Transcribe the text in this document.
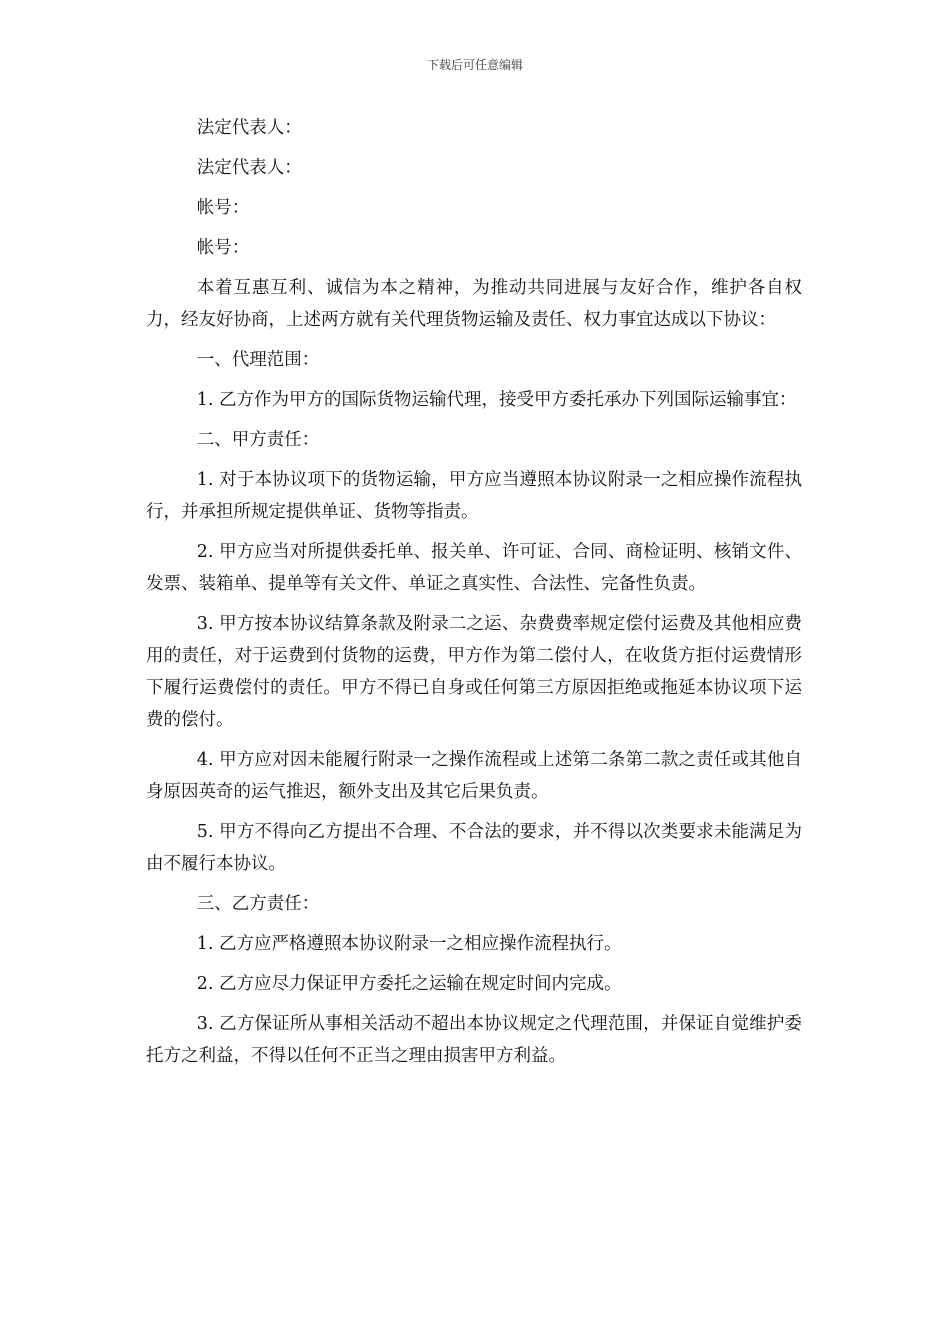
下载后可任意编辑

法定代表人：

法定代表人：

帐号：

帐号：

本着互惠互利、诚信为本之精神，为推动共同进展与友好合作，维护各自权力，经友好协商，上述两方就有关代理货物运输及责任、权力事宜达成以下协议：

一、代理范围：

1. 乙方作为甲方的国际货物运输代理，接受甲方委托承办下列国际运输事宜：

二、甲方责任：

1. 对于本协议项下的货物运输，甲方应当遵照本协议附录一之相应操作流程执行，并承担所规定提供单证、货物等指责。

2. 甲方应当对所提供委托单、报关单、许可证、合同、商检证明、核销文件、发票、装箱单、提单等有关文件、单证之真实性、合法性、完备性负责。

3. 甲方按本协议结算条款及附录二之运、杂费费率规定偿付运费及其他相应费用的责任，对于运费到付货物的运费，甲方作为第二偿付人，在收货方拒付运费情形下履行运费偿付的责任。甲方不得已自身或任何第三方原因拒绝或拖延本协议项下运费的偿付。

4. 甲方应对因未能履行附录一之操作流程或上述第二条第二款之责任或其他自身原因英奇的运气推迟，额外支出及其它后果负责。

5. 甲方不得向乙方提出不合理、不合法的要求，并不得以次类要求未能满足为由不履行本协议。

三、乙方责任：

1. 乙方应严格遵照本协议附录一之相应操作流程执行。

2. 乙方应尽力保证甲方委托之运输在规定时间内完成。

3. 乙方保证所从事相关活动不超出本协议规定之代理范围，并保证自觉维护委托方之利益，不得以任何不正当之理由损害甲方利益。
